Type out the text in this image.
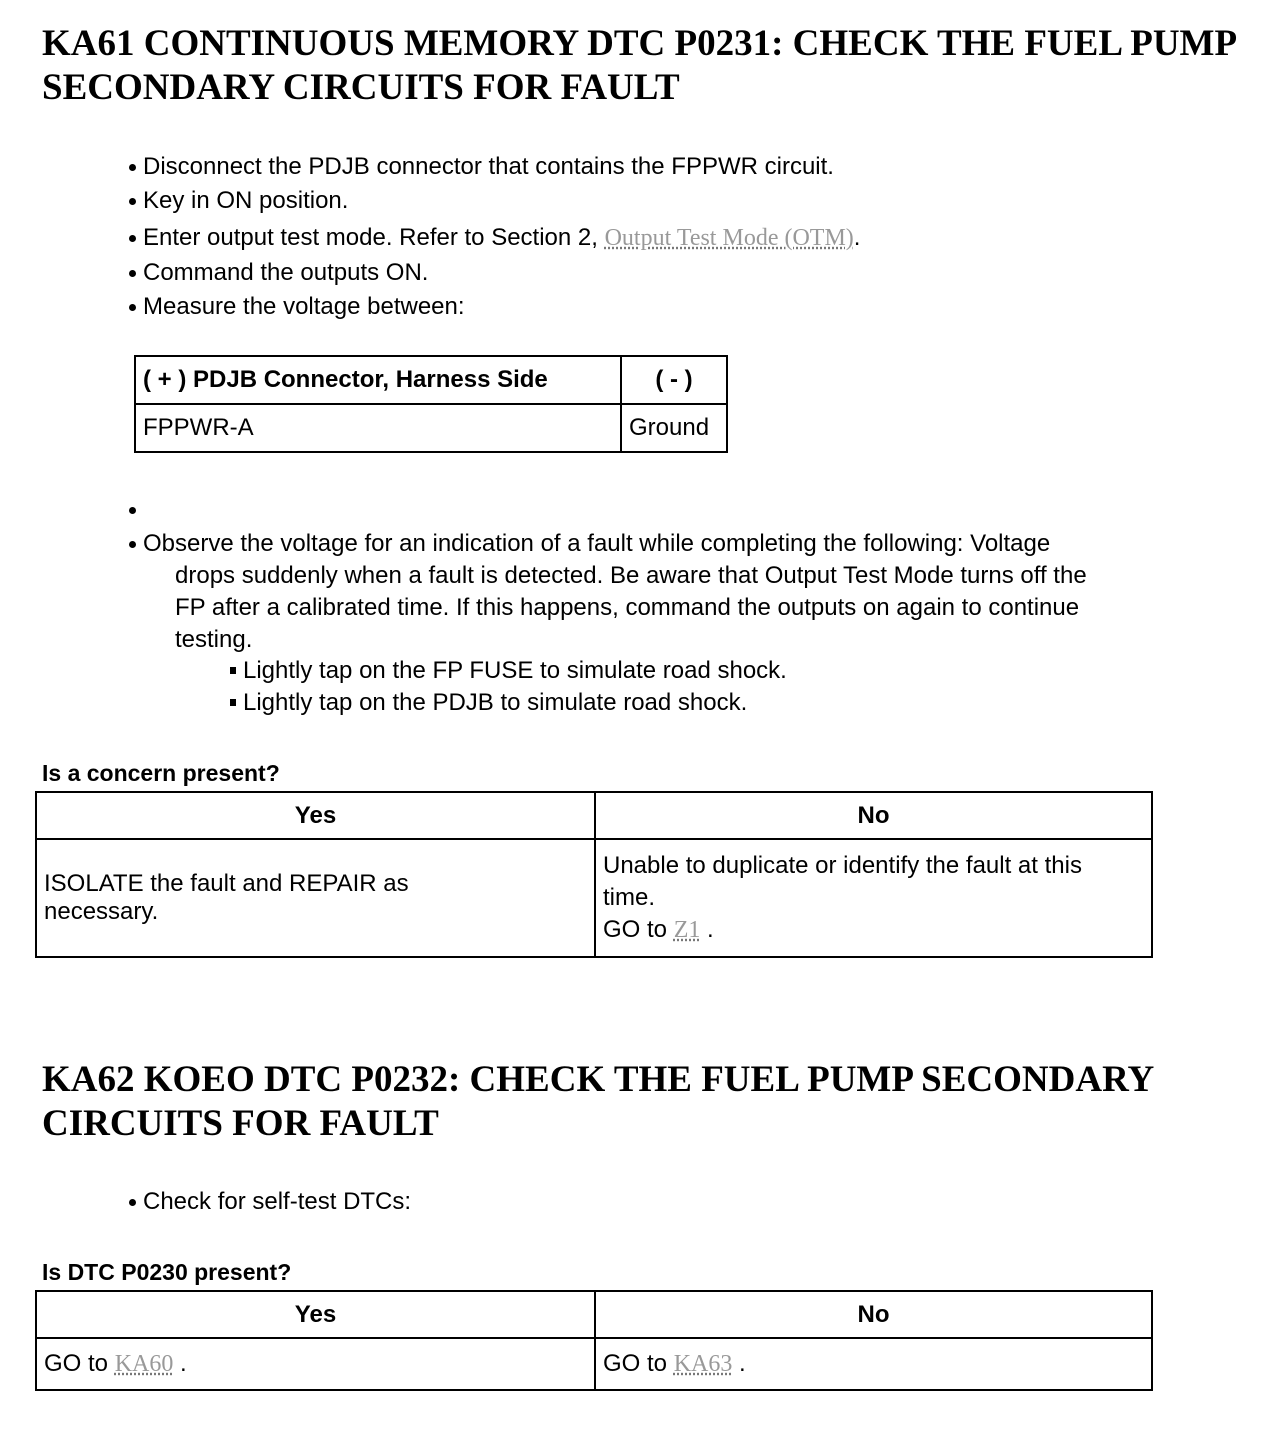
KA61 CONTINUOUS MEMORY DTC P0231: CHECK THE FUEL PUMP SECONDARY CIRCUITS FOR FAULT
Disconnect the PDJB connector that contains the FPPWR circuit.
Key in ON position.
Enter output test mode. Refer to Section 2, Output Test Mode (OTM).
Command the outputs ON.
Measure the voltage between:
( + ) PDJB Connector, Harness Side	( - )
FPPWR-A	Ground
Observe the voltage for an indication of a fault while completing the following: Voltage
drops suddenly when a fault is detected. Be aware that Output Test Mode turns off the
FP after a calibrated time. If this happens, command the outputs on again to continue
testing.
Lightly tap on the FP FUSE to simulate road shock.
Lightly tap on the PDJB to simulate road shock.
Is a concern present?
Yes	No
ISOLATE the fault and REPAIR as necessary.	Unable to duplicate or identify the fault at this time.
GO to Z1 .
KA62 KOEO DTC P0232: CHECK THE FUEL PUMP SECONDARY CIRCUITS FOR FAULT
Check for self-test DTCs:
Is DTC P0230 present?
Yes	No
GO to KA60 .	GO to KA63 .
